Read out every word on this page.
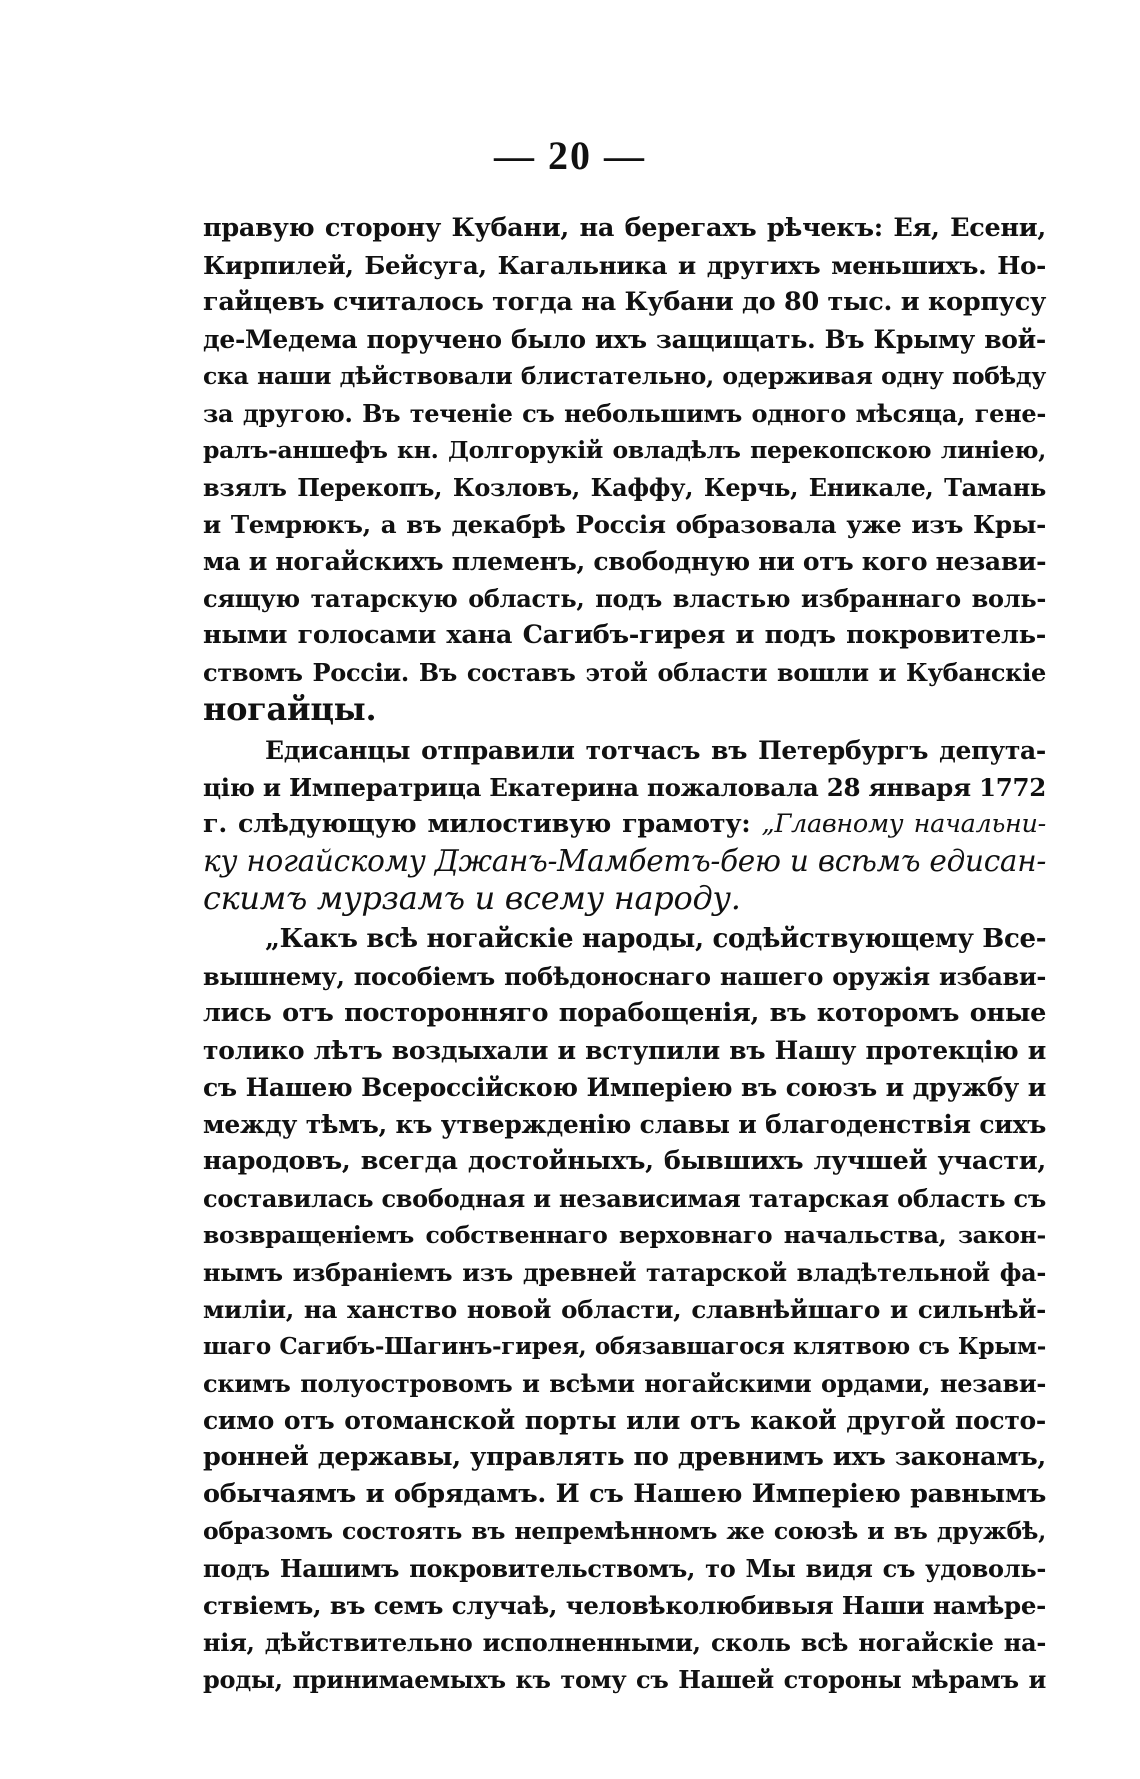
— 20 —
правую сторону Кубани, на берегахъ рѣчекъ: Ея, Есени,
Кирпилей, Бейсуга, Кагальника и другихъ меньшихъ. Но-
гайцевъ считалось тогда на Кубани до 80 тыс. и корпусу
де-Медема поручено было ихъ защищать. Въ Крыму вой-
ска наши дѣйствовали блистательно, одерживая одну побѣду
за другою. Въ теченіе съ небольшимъ одного мѣсяца, гене-
ралъ-аншефъ кн. Долгорукій овладѣлъ перекопскою линіею,
взялъ Перекопъ, Козловъ, Каффу, Керчь, Еникале, Тамань
и Темрюкъ, а въ декабрѣ Россія образовала уже изъ Кры-
ма и ногайскихъ племенъ, свободную ни отъ кого незави-
сящую татарскую область, подъ властью избраннаго воль-
ными голосами хана Сагибъ-гирея и подъ покровитель-
ствомъ Россіи. Въ составъ этой области вошли и Кубанскіе
ногайцы.
Едисанцы отправили тотчасъ въ Петербургъ депута-
цію и Императрица Екатерина пожаловала 28 января 1772
г. слѣдующую милостивую грамоту: „Главному начальни-
ку ногайскому Джанъ-Мамбетъ-бею и всѣмъ едисан-
скимъ мурзамъ и всему народу.
„Какъ всѣ ногайскіе народы, содѣйствующему Все-
вышнему, пособіемъ побѣдоноснаго нашего оружія избави-
лись отъ посторонняго порабощенія, въ которомъ оные
толико лѣтъ воздыхали и вступили въ Нашу протекцію и
съ Нашею Всероссійскою Имперіею въ союзъ и дружбу и
между тѣмъ, къ утвержденію славы и благоденствія сихъ
народовъ, всегда достойныхъ, бывшихъ лучшей участи,
составилась свободная и независимая татарская область съ
возвращеніемъ собственнаго верховнаго начальства, закон-
нымъ избраніемъ изъ древней татарской владѣтельной фа-
миліи, на ханство новой области, славнѣйшаго и сильнѣй-
шаго Сагибъ-Шагинъ-гирея, обязавшагося клятвою съ Крым-
скимъ полуостровомъ и всѣми ногайскими ордами, незави-
симо отъ отоманской порты или отъ какой другой посто-
ронней державы, управлять по древнимъ ихъ законамъ,
обычаямъ и обрядамъ. И съ Нашею Имперіею равнымъ
образомъ состоять въ непремѣнномъ же союзѣ и въ дружбѣ,
подъ Нашимъ покровительствомъ, то Мы видя съ удоволь-
ствіемъ, въ семъ случаѣ, человѣколюбивыя Наши намѣре-
нія, дѣйствительно исполненными, сколь всѣ ногайскіе на-
роды, принимаемыхъ къ тому съ Нашей стороны мѣрамъ и
